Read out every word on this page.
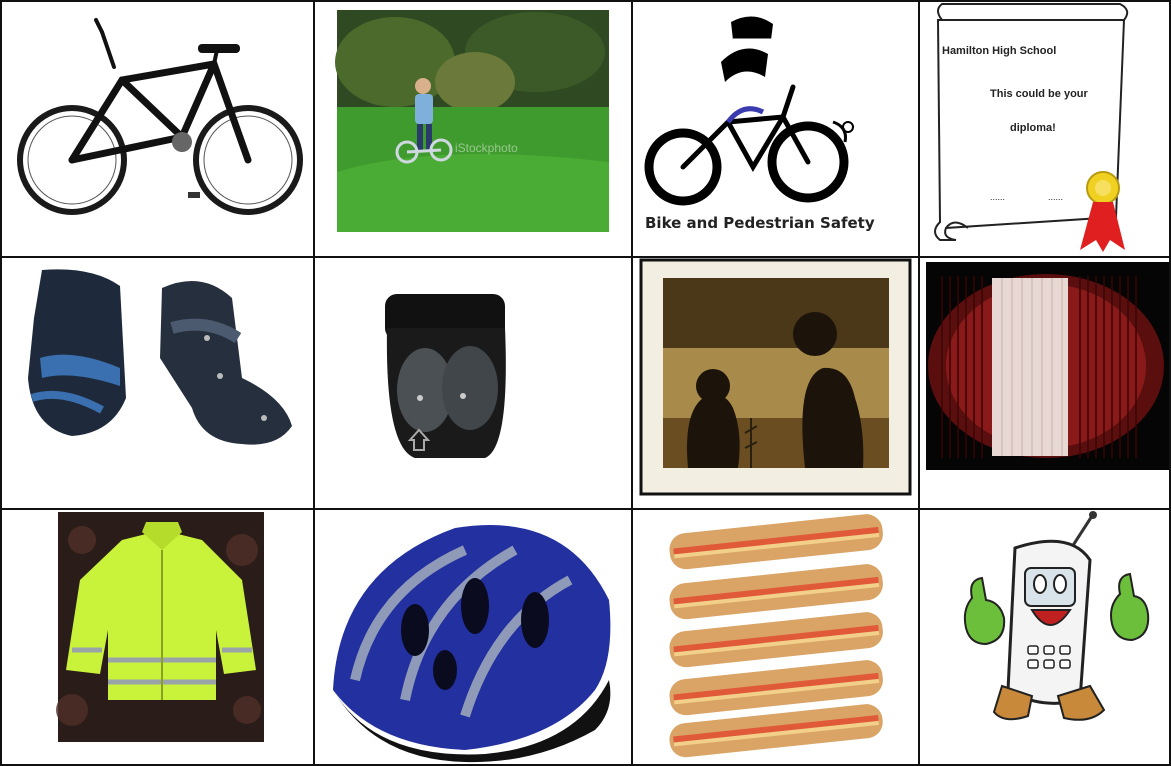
iStockphoto
Bike and Pedestrian Safety
Hamilton High School
This could be your
diploma!
......	......
